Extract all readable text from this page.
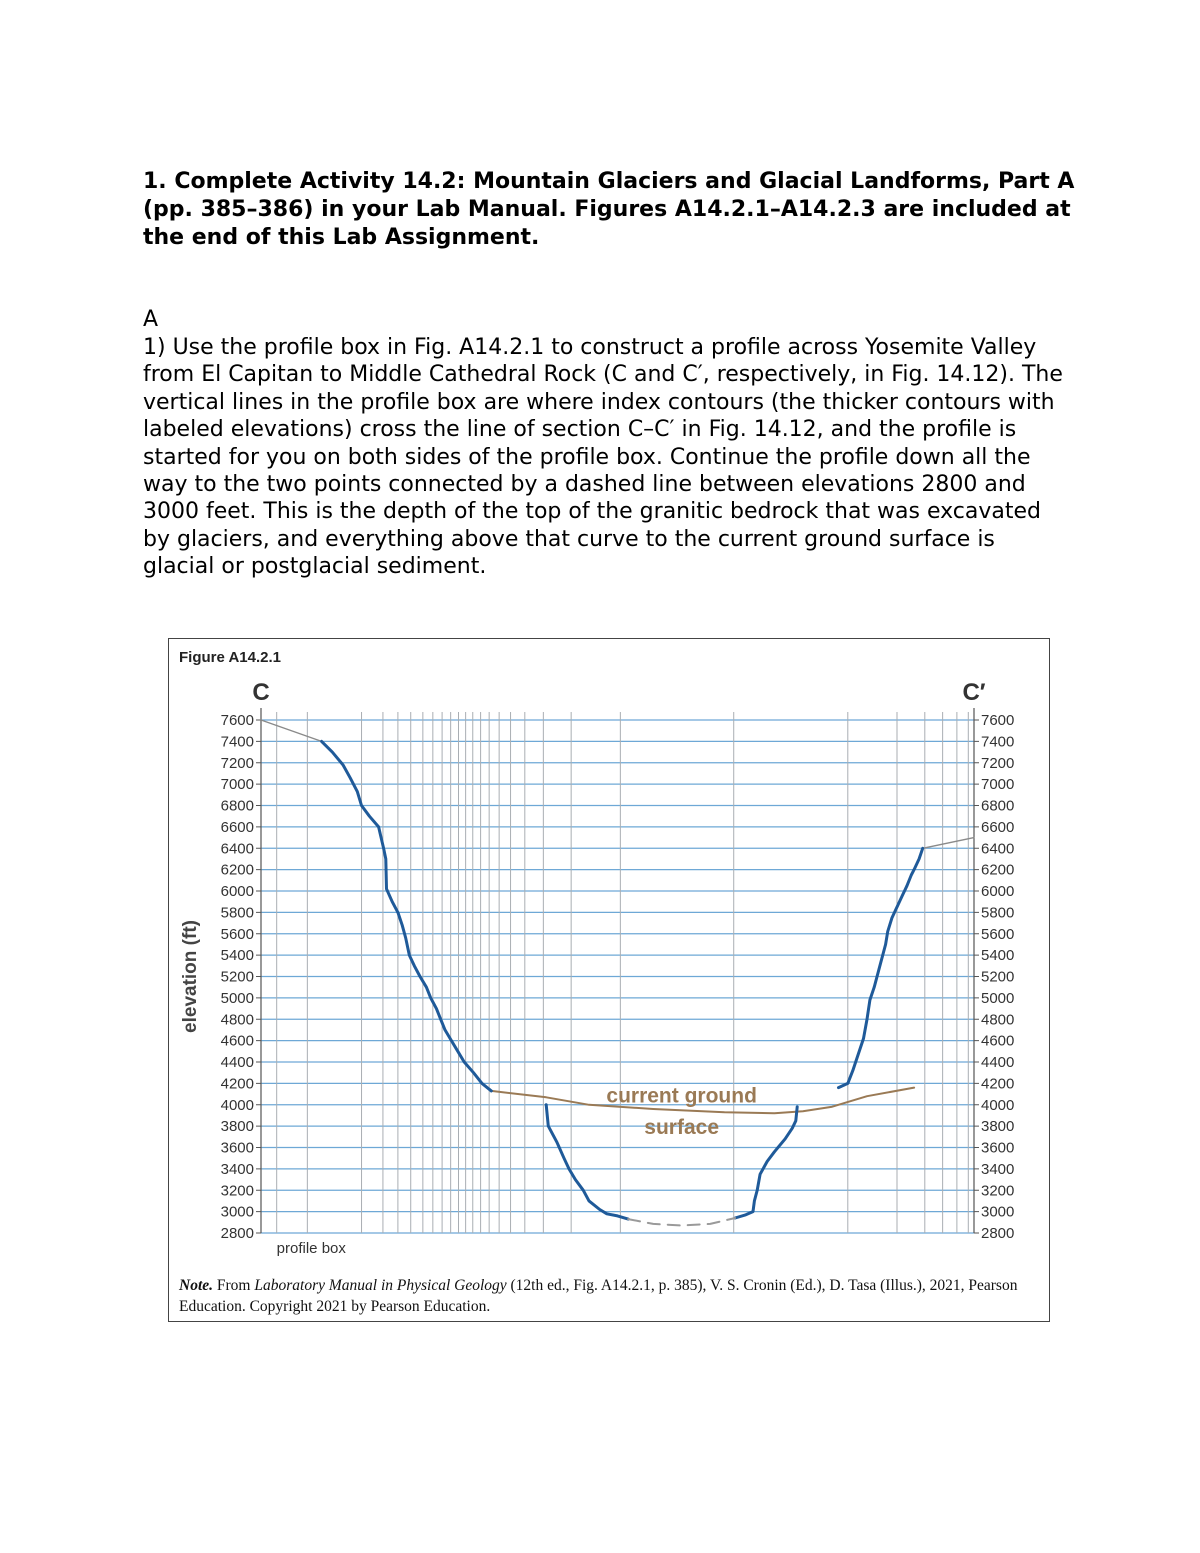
1. Complete Activity 14.2: Mountain Glaciers and Glacial Landforms, Part A (pp. 385–386) in your Lab Manual. Figures A14.2.1–A14.2.3 are included at the end of this Lab Assignment.

A

1) Use the profile box in Fig. A14.2.1 to construct a profile across Yosemite Valley from El Capitan to Middle Cathedral Rock (C and C′, respectively, in Fig. 14.12). The vertical lines in the profile box are where index contours (the thicker contours with labeled elevations) cross the line of section C–C′ in Fig. 14.12, and the profile is started for you on both sides of the profile box. Continue the profile down all the way to the two points connected by a dashed line between elevations 2800 and 3000 feet. This is the depth of the top of the granitic bedrock that was excavated by glaciers, and everything above that curve to the current ground surface is glacial or postglacial sediment.

Figure A14.2.1
7600	7600
7400	7400
7200	7200
7000	7000
6800	6800
6600	6600
6400	6400
6200	6200
6000	6000
5800	5800
5600	5600
5400	5400
5200	5200
5000	5000
4800	4800
4600	4600
4400	4400
4200	4200
4000	4000
3800	3800
3600	3600
3400	3400
3200	3200
3000	3000
2800	2800
C	C′
elevation (ft)
profile box
current ground
surface
Note. From Laboratory Manual in Physical Geology (12th ed., Fig. A14.2.1, p. 385), V. S. Cronin (Ed.), D. Tasa (Illus.), 2021, Pearson Education. Copyright 2021 by Pearson Education.
